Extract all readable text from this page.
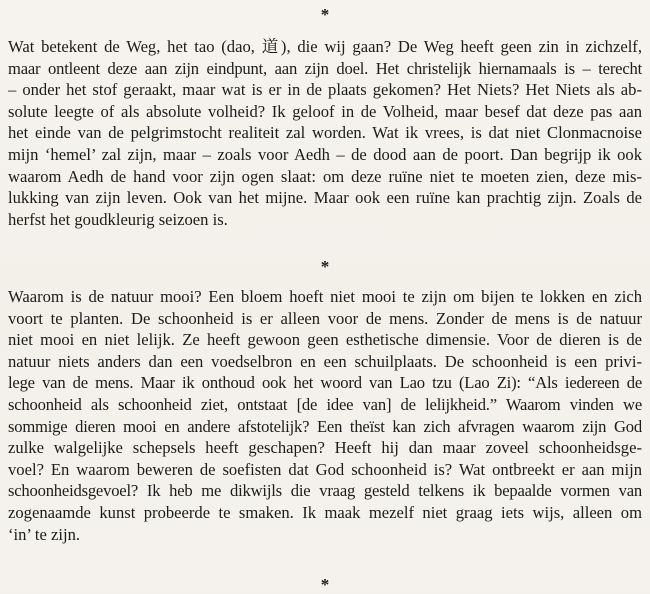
*
Wat betekent de Weg, het tao (dao, 道), die wij gaan? De Weg heeft geen zin in zichzelf,
maar ontleent deze aan zijn eindpunt, aan zijn doel. Het christelijk hiernamaals is – terecht
– onder het stof geraakt, maar wat is er in de plaats gekomen? Het Niets? Het Niets als ab-
solute leegte of als absolute volheid? Ik geloof in de Volheid, maar besef dat deze pas aan
het einde van de pelgrimstocht realiteit zal worden. Wat ik vrees, is dat niet Clonmacnoise
mijn ‘hemel’ zal zijn, maar – zoals voor Aedh – de dood aan de poort. Dan begrijp ik ook
waarom Aedh de hand voor zijn ogen slaat: om deze ruïne niet te moeten zien, deze mis-
lukking van zijn leven. Ook van het mijne. Maar ook een ruïne kan prachtig zijn. Zoals de
herfst het goudkleurig seizoen is.
*
Waarom is de natuur mooi? Een bloem hoeft niet mooi te zijn om bijen te lokken en zich
voort te planten. De schoonheid is er alleen voor de mens. Zonder de mens is de natuur
niet mooi en niet lelijk. Ze heeft gewoon geen esthetische dimensie. Voor de dieren is de
natuur niets anders dan een voedselbron en een schuilplaats. De schoonheid is een privi-
lege van de mens. Maar ik onthoud ook het woord van Lao tzu (Lao Zi): “Als iedereen de
schoonheid als schoonheid ziet, ontstaat [de idee van] de lelijkheid.” Waarom vinden we
sommige dieren mooi en andere afstotelijk? Een theïst kan zich afvragen waarom zijn God
zulke walgelijke schepsels heeft geschapen? Heeft hij dan maar zoveel schoonheidsge-
voel? En waarom beweren de soefisten dat God schoonheid is? Wat ontbreekt er aan mijn
schoonheidsgevoel? Ik heb me dikwijls die vraag gesteld telkens ik bepaalde vormen van
zogenaamde kunst probeerde te smaken. Ik maak mezelf niet graag iets wijs, alleen om
‘in’ te zijn.
*
